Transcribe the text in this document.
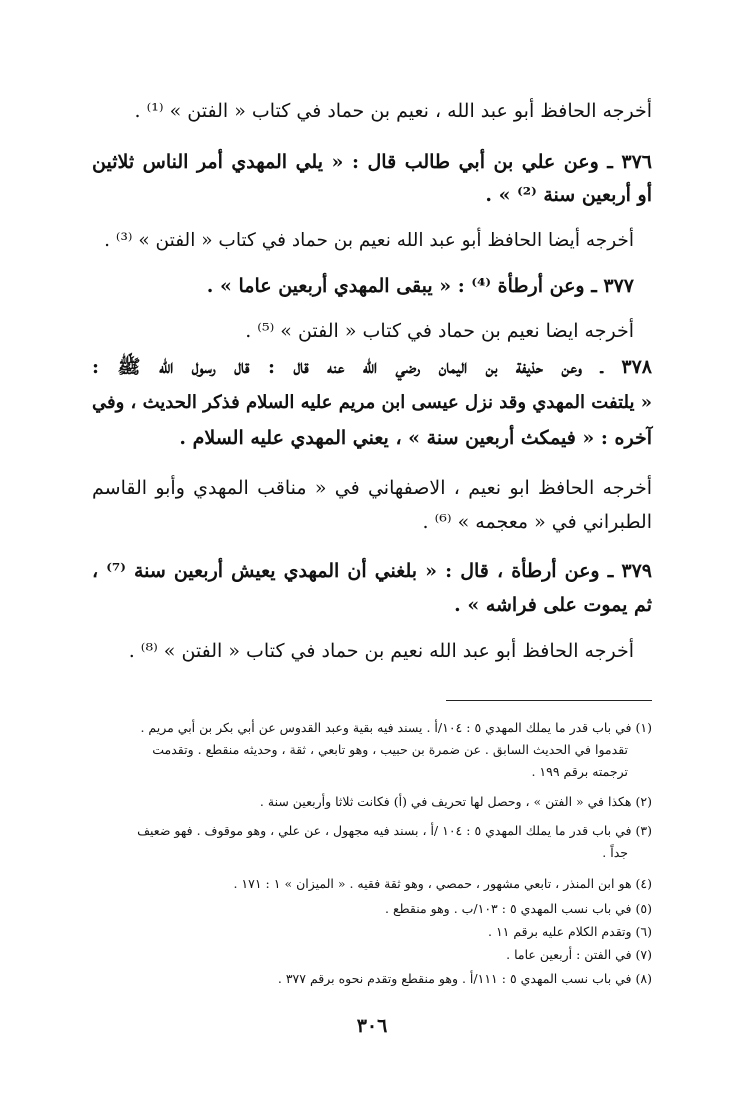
أخرجه الحافظ أبو عبد الله ، نعيم بن حماد في كتاب « الفتن » ⁽¹⁾ .
٣٧٦ ـ وعن علي بن أبي طالب قال : « يلي المهدي أمر الناس ثلاثين
أو أربعين سنة ⁽²⁾ » .
أخرجه أيضا الحافظ أبو عبد الله نعيم بن حماد في كتاب « الفتن » ⁽³⁾ .
٣٧٧ ـ وعن أرطأة ⁽⁴⁾ : « يبقى المهدي أربعين عاما » .
أخرجه ايضا نعيم بن حماد في كتاب « الفتن » ⁽⁵⁾ .
٣٧٨ ـ وعن حذيفة بن اليمان رضي الله عنه قال : قال رسول الله ﷺ :
« يلتفت المهدي وقد نزل عيسى ابن مريم عليه السلام فذكر الحديث ، وفي
آخره : « فيمكث أربعين سنة » ، يعني المهدي عليه السلام .
أخرجه الحافظ ابو نعيم ، الاصفهاني في « مناقب المهدي وأبو القاسم
الطبراني في « معجمه » ⁽⁶⁾ .
٣٧٩ ـ وعن أرطأة ، قال : « بلغني أن المهدي يعيش أربعين سنة ⁽⁷⁾ ،
ثم يموت على فراشه » .
أخرجه الحافظ أبو عبد الله نعيم بن حماد في كتاب « الفتن » ⁽⁸⁾ .
(١) في باب قدر ما يملك المهدي ٥ : ١٠٤/أ . يسند فيه بقية وعبد القدوس عن أبي بكر بن أبي مريم .
تقدموا في الحديث السابق . عن ضمرة بن حبيب ، وهو تابعي ، ثقة ، وحديثه منقطع . وتقدمت
ترجمته برقم ١٩٩ .
(٢) هكذا في « الفتن » ، وحصل لها تحريف في (أ) فكانت ثلاثا وأربعين سنة .
(٣) في باب قدر ما يملك المهدي ٥ : ١٠٤ /أ ، بسند فيه مجهول ، عن علي ، وهو موقوف . فهو ضعيف
جداً .
(٤) هو ابن المنذر ، تابعي مشهور ، حمصي ، وهو ثقة فقيه . « الميزان » ١ : ١٧١ .
(٥) في باب نسب المهدي ٥ : ١٠٣/ب . وهو منقطع .
(٦) وتقدم الكلام عليه برقم ١١ .
(٧) في الفتن : أربعين عاما .
(٨) في باب نسب المهدي ٥ : ١١١/أ . وهو منقطع وتقدم نحوه برقم ٣٧٧ .
٣٠٦
